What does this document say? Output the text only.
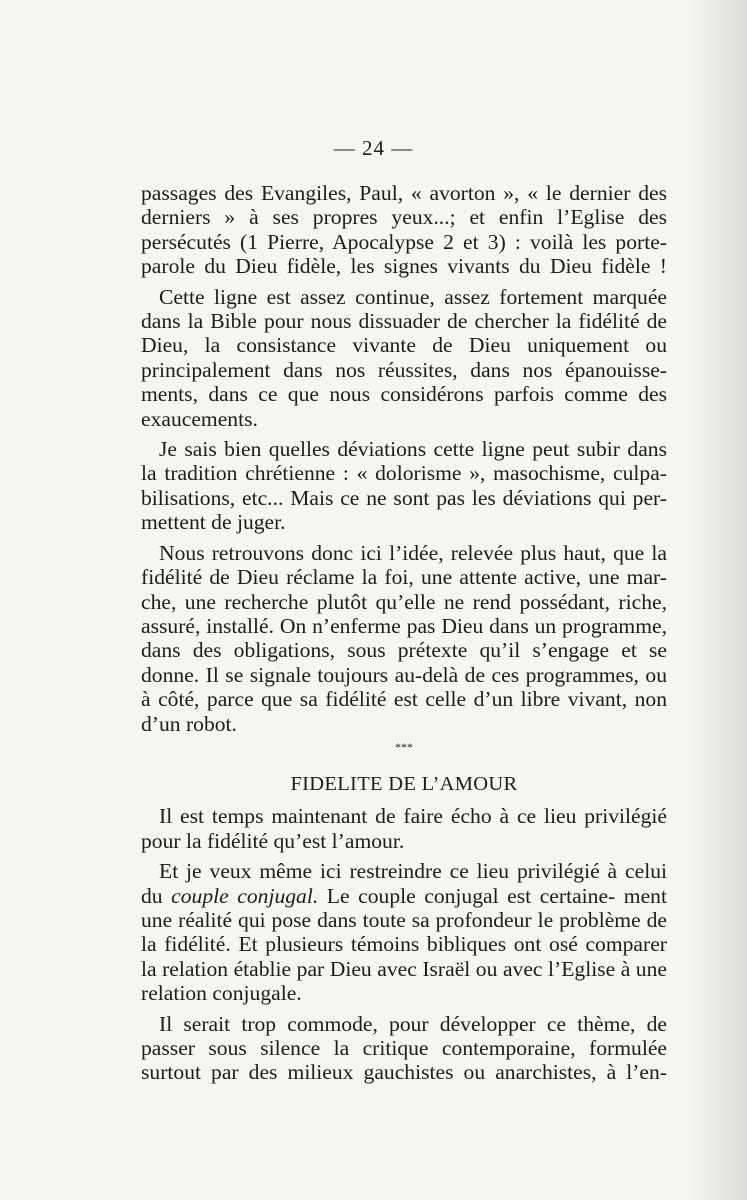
— 24 —

passages des Evangiles, Paul, « avorton », « le dernier des derniers » à ses propres yeux...; et enfin l’Eglise des persécutés (1 Pierre, Apocalypse 2 et 3) : voilà les porte- parole du Dieu fidèle, les signes vivants du Dieu fidèle !

Cette ligne est assez continue, assez fortement marquée dans la Bible pour nous dissuader de chercher la fidélité de Dieu, la consistance vivante de Dieu uniquement ou principalement dans nos réussites, dans nos épanouisse- ments, dans ce que nous considérons parfois comme des exaucements.

Je sais bien quelles déviations cette ligne peut subir dans la tradition chrétienne : « dolorisme », masochisme, culpa- bilisations, etc... Mais ce ne sont pas les déviations qui per- mettent de juger.

Nous retrouvons donc ici l’idée, relevée plus haut, que la fidélité de Dieu réclame la foi, une attente active, une mar- che, une recherche plutôt qu’elle ne rend possédant, riche, assuré, installé. On n’enferme pas Dieu dans un programme, dans des obligations, sous prétexte qu’il s’engage et se donne. Il se signale toujours au-delà de ces programmes, ou à côté, parce que sa fidélité est celle d’un libre vivant, non d’un robot.

***
FIDELITE DE L’AMOUR

Il est temps maintenant de faire écho à ce lieu privilégié pour la fidélité qu’est l’amour.

Et je veux même ici restreindre ce lieu privilégié à celui du couple conjugal. Le couple conjugal est certaine- ment une réalité qui pose dans toute sa profondeur le problème de la fidélité. Et plusieurs témoins bibliques ont osé comparer la relation établie par Dieu avec Israël ou avec l’Eglise à une relation conjugale.

Il serait trop commode, pour développer ce thème, de passer sous silence la critique contemporaine, formulée surtout par des milieux gauchistes ou anarchistes, à l’en-
